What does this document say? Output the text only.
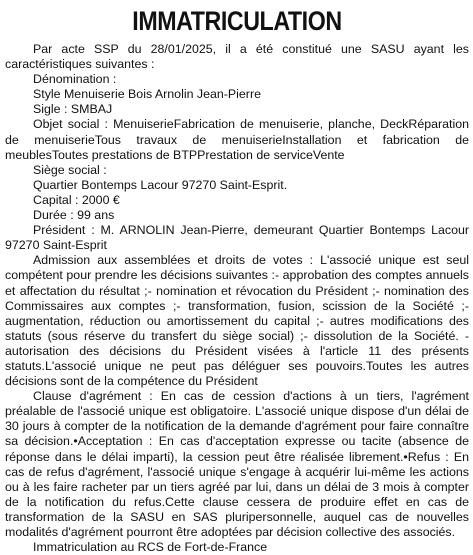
IMMATRICULATION

Par acte SSP du 28/01/2025, il a été constitué une SASU ayant les caractéristiques suivantes :

Dénomination :

Style Menuiserie Bois Arnolin Jean-Pierre

Sigle : SMBAJ

Objet social : MenuiserieFabrication de menuiserie, planche, DeckRéparation de menuiserieTous travaux de menuiserieInstallation et fabrication de meublesToutes prestations de BTPPrestation de serviceVente

Siège social :

Quartier Bontemps Lacour 97270 Saint-Esprit.

Capital : 2000 €

Durée : 99 ans

Président : M. ARNOLIN Jean-Pierre, demeurant Quartier Bontemps Lacour 97270 Saint-Esprit

Admission aux assemblées et droits de votes : L'associé unique est seul compétent pour prendre les décisions suivantes :- approbation des comptes annuels et affectation du résultat ;- nomination et révocation du Président ;- nomination des Commissaires aux comptes ;- transformation, fusion, scission de la Société ;- augmentation, réduction ou amortissement du capital ;- autres modifications des statuts (sous réserve du transfert du siège social) ;- dissolution de la Société. - autorisation des décisions du Président visées à l'article 11 des présents statuts.L'associé unique ne peut pas déléguer ses pouvoirs.Toutes les autres décisions sont de la compétence du Président

Clause d'agrément : En cas de cession d'actions à un tiers, l'agrément préalable de l'associé unique est obligatoire. L'associé unique dispose d'un délai de 30 jours à compter de la notification de la demande d'agrément pour faire connaître sa décision.•Acceptation : En cas d'acceptation expresse ou tacite (absence de réponse dans le délai imparti), la cession peut être réalisée librement.•Refus : En cas de refus d'agrément, l'associé unique s'engage à acquérir lui-même les actions ou à les faire racheter par un tiers agréé par lui, dans un délai de 3 mois à compter de la notification du refus.Cette clause cessera de produire effet en cas de transformation de la SASU en SAS pluripersonnelle, auquel cas de nouvelles modalités d'agrément pourront être adoptées par décision collective des associés.

Immatriculation au RCS de Fort-de-France
